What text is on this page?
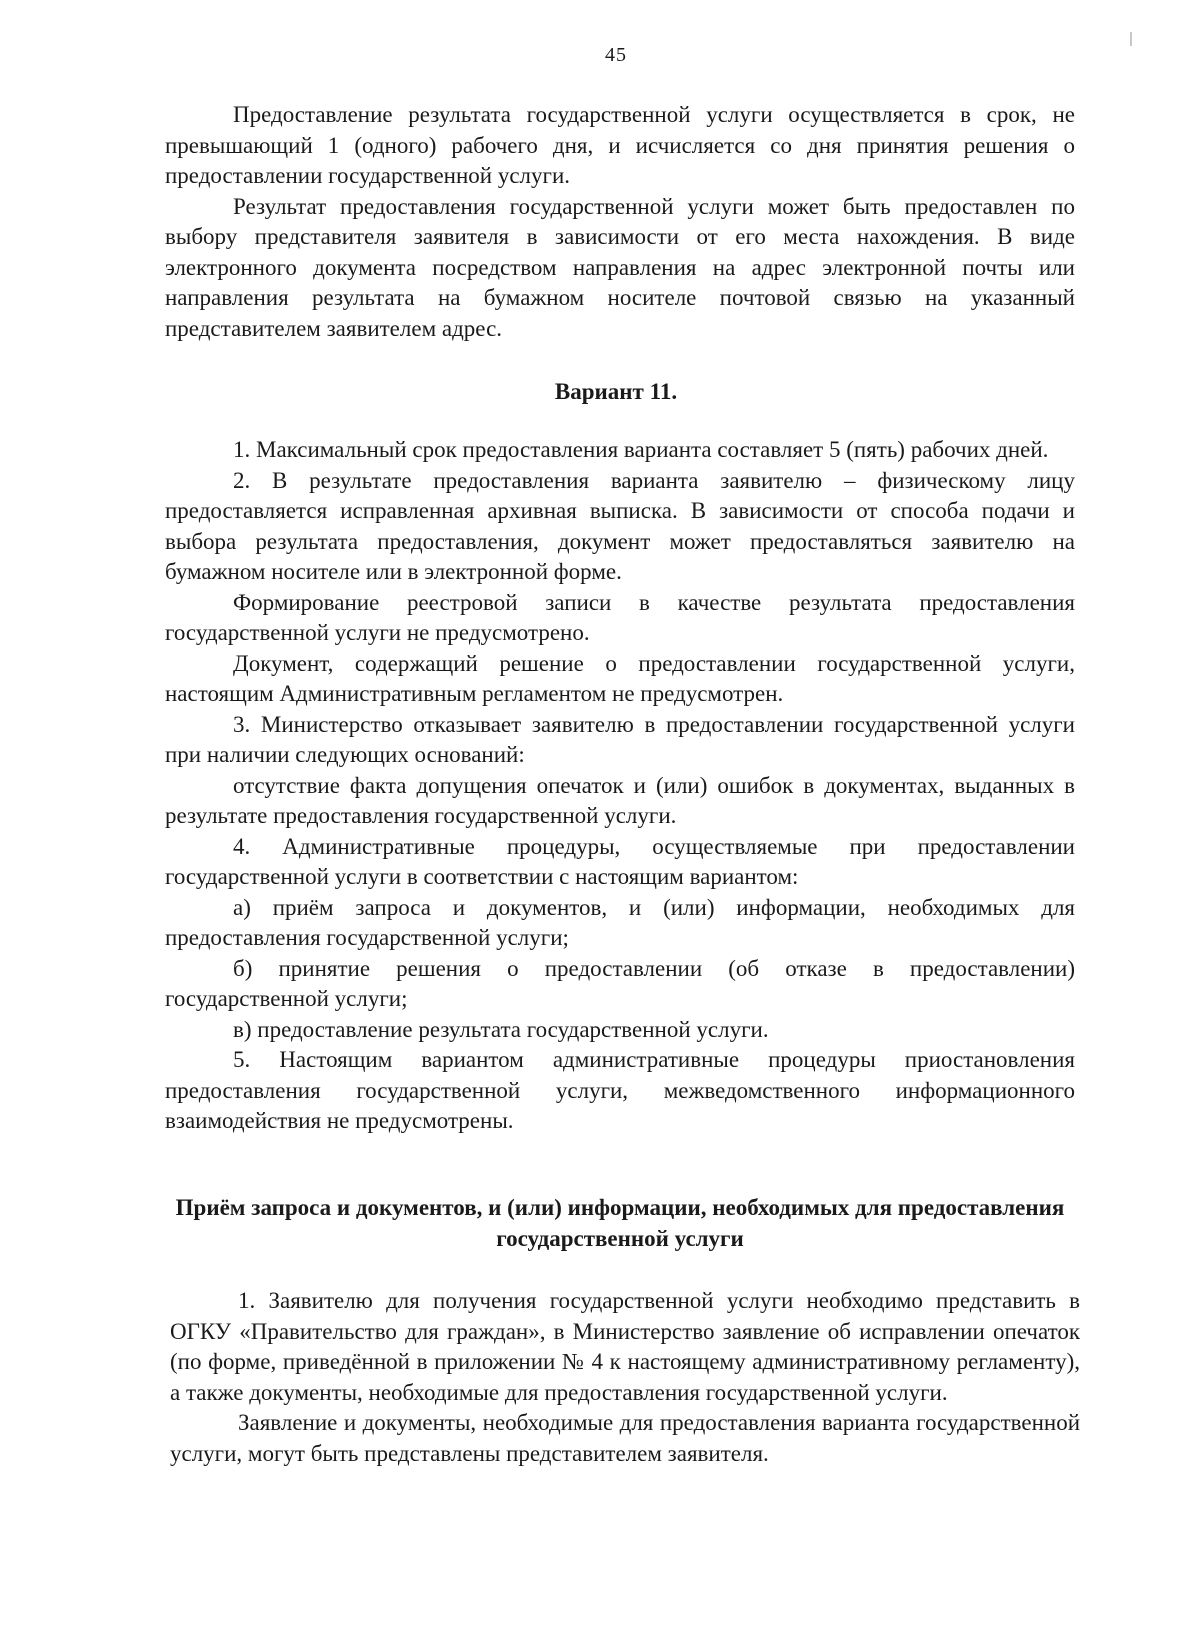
45

Предоставление результата государственной услуги осуществляется в срок, не превышающий 1 (одного) рабочего дня, и исчисляется со дня принятия решения о предоставлении государственной услуги.

Результат предоставления государственной услуги может быть предоставлен по выбору представителя заявителя в зависимости от его места нахождения. В виде электронного документа посредством направления на адрес электронной почты или направления результата на бумажном носителе почтовой связью на указанный представителем заявителем адрес.

Вариант 11.

1. Максимальный срок предоставления варианта составляет 5 (пять) рабочих дней.

2. В результате предоставления варианта заявителю – физическому лицу предоставляется исправленная архивная выписка. В зависимости от способа подачи и выбора результата предоставления, документ может предоставляться заявителю на бумажном носителе или в электронной форме.

Формирование реестровой записи в качестве результата предоставления государственной услуги не предусмотрено.

Документ, содержащий решение о предоставлении государственной услуги, настоящим Административным регламентом не предусмотрен.

3. Министерство отказывает заявителю в предоставлении государственной услуги при наличии следующих оснований:

отсутствие факта допущения опечаток и (или) ошибок в документах, выданных в результате предоставления государственной услуги.

4. Административные процедуры, осуществляемые при предоставлении государственной услуги в соответствии с настоящим вариантом:

а) приём запроса и документов, и (или) информации, необходимых для предоставления государственной услуги;

б) принятие решения о предоставлении (об отказе в предоставлении) государственной услуги;

в) предоставление результата государственной услуги.

5. Настоящим вариантом административные процедуры приостановления предоставления государственной услуги, межведомственного информационного взаимодействия не предусмотрены.

Приём запроса и документов, и (или) информации, необходимых для предоставления государственной услуги

1. Заявителю для получения государственной услуги необходимо представить в ОГКУ «Правительство для граждан», в Министерство заявление об исправлении опечаток (по форме, приведённой в приложении № 4 к настоящему административному регламенту), а также документы, необходимые для предоставления государственной услуги.

Заявление и документы, необходимые для предоставления варианта государственной услуги, могут быть представлены представителем заявителя.
